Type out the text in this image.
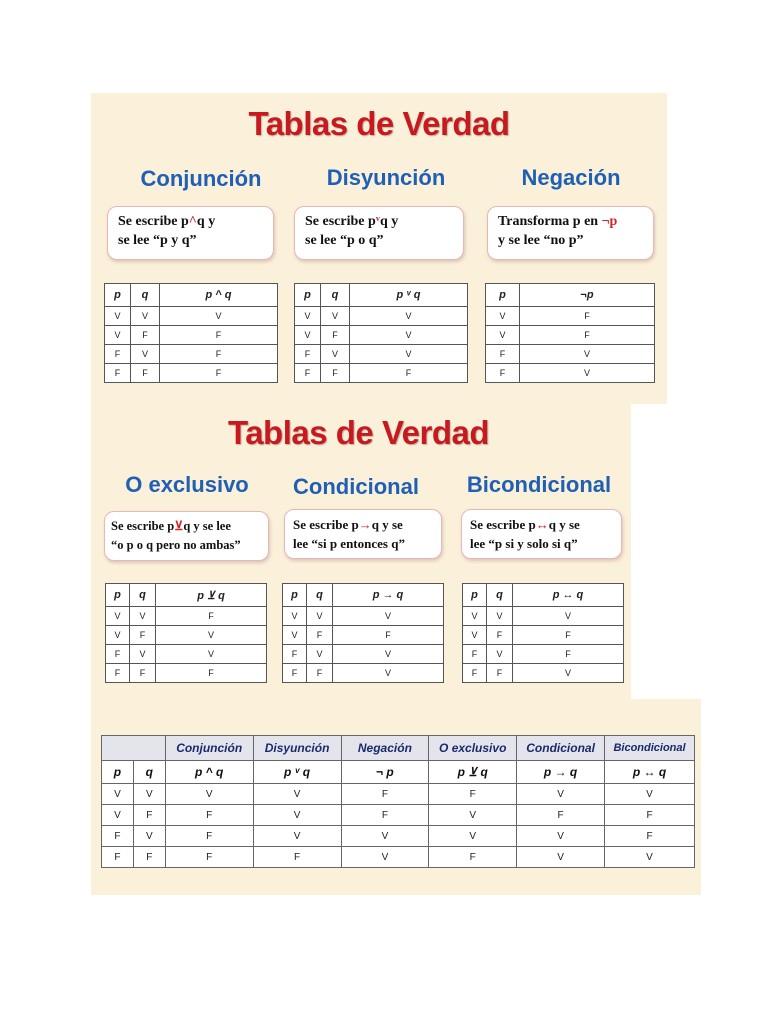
Tablas de Verdad
Conjunción	Disyunción	Negación
Se escribe p^q y
se lee “p y q”
Se escribe pᵛq y
se lee “p o q”
Transforma p en ¬p
y se lee “no p”
p	q	p ^ q
V	V	V
V	F	F
F	V	F
F	F	F
p	q	p ᵛ q
V	V	V
V	F	V
F	V	V
F	F	F
p	¬p
V	F
V	F
F	V
F	V
Tablas de Verdad
O exclusivo	Condicional	Bicondicional
Se escribe p⊻q y se lee
“o p o q pero no ambas”
Se escribe p→q y se
lee “si p entonces q”
Se escribe p↔q y se
lee “p si y solo si q”
p	q	p ⊻ q
V	V	F
V	F	V
F	V	V
F	F	F
p	q	p → q
V	V	V
V	F	F
F	V	V
F	F	V
p	q	p ↔ q
V	V	V
V	F	F
F	V	F
F	F	V
		Conjunción	Disyunción	Negación	O exclusivo	Condicional	Bicondicional
p	q	p ^ q	p ᵛ q	¬ p	p ⊻ q	p → q	p ↔ q
V	V	V	V	F	F	V	V
V	F	F	V	F	V	F	F
F	V	F	V	V	V	V	F
F	F	F	F	V	F	V	V
